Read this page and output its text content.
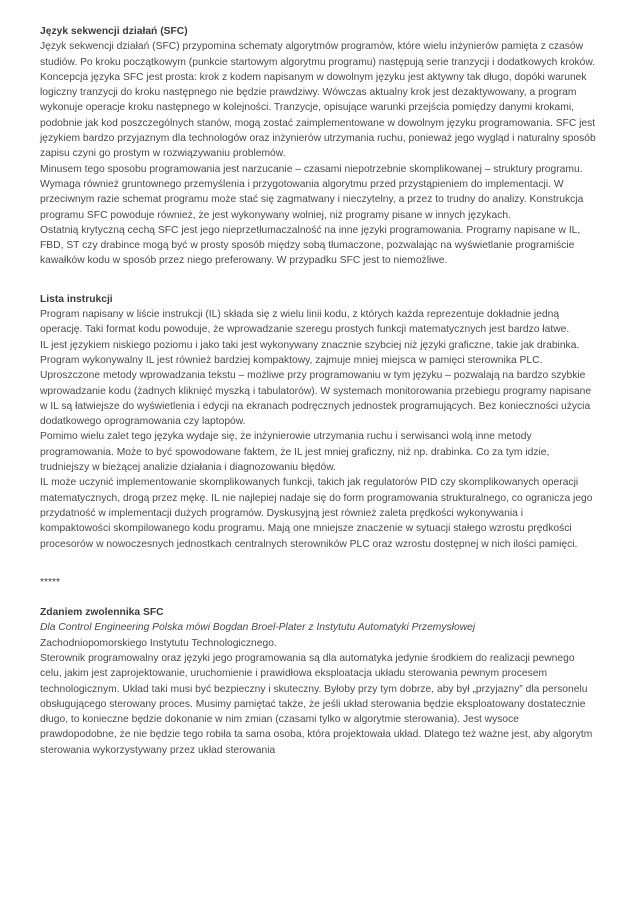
Język sekwencji działań (SFC)

Język sekwencji działań (SFC) przypomina schematy algorytmów programów, które wielu inżynierów pamięta z czasów studiów. Po kroku początkowym (punkcie startowym algorytmu programu) następują serie tranzycji i dodatkowych kroków. Koncepcja języka SFC jest prosta: krok z kodem napisanym w dowolnym języku jest aktywny tak długo, dopóki warunek logiczny tranzycji do kroku następnego nie będzie prawdziwy. Wówczas aktualny krok jest dezaktywowany, a program wykonuje operacje kroku następnego w kolejności. Tranzycje, opisujące warunki przejścia pomiędzy danymi krokami, podobnie jak kod poszczególnych stanów, mogą zostać zaimplementowane w dowolnym języku programowania. SFC jest językiem bardzo przyjaznym dla technologów oraz inżynierów utrzymania ruchu, ponieważ jego wygląd i naturalny sposób zapisu czyni go prostym w rozwiązywaniu problemów.

Minusem tego sposobu programowania jest narzucanie – czasami niepotrzebnie skomplikowanej – struktury programu. Wymaga również gruntownego przemyślenia i przygotowania algorytmu przed przystąpieniem do implementacji. W przeciwnym razie schemat programu może stać się zagmatwany i nieczytelny, a przez to trudny do analizy. Konstrukcja programu SFC powoduje również, że jest wykonywany wolniej, niż programy pisane w innych językach.

Ostatnią krytyczną cechą SFC jest jego nieprzetłumaczalność na inne języki programowania. Programy napisane w IL, FBD, ST czy drabince mogą być w prosty sposób między sobą tłumaczone, pozwalając na wyświetlanie programiście kawałków kodu w sposób przez niego preferowany. W przypadku SFC jest to niemożliwe.

Lista instrukcji

Program napisany w liście instrukcji (IL) składa się z wielu linii kodu, z których każda reprezentuje dokładnie jedną operację. Taki format kodu powoduje, że wprowadzanie szeregu prostych funkcji matematycznych jest bardzo łatwe.

IL jest językiem niskiego poziomu i jako taki jest wykonywany znacznie szybciej niż języki graficzne, takie jak drabinka. Program wykonywalny IL jest również bardziej kompaktowy, zajmuje mniej miejsca w pamięci sterownika PLC. Uproszczone metody wprowadzania tekstu – możliwe przy programowaniu w tym języku – pozwalają na bardzo szybkie wprowadzanie kodu (żadnych kliknięć myszką i tabulatorów). W systemach monitorowania przebiegu programy napisane w IL są łatwiejsze do wyświetlenia i edycji na ekranach podręcznych jednostek programujących. Bez konieczności użycia dodatkowego oprogramowania czy laptopów.

Pomimo wielu zalet tego języka wydaje się, że inżynierowie utrzymania ruchu i serwisanci wolą inne metody programowania. Może to być spowodowane faktem, że IL jest mniej graficzny, niż np. drabinka. Co za tym idzie, trudniejszy w bieżącej analizie działania i diagnozowaniu błędów.

IL może uczynić implementowanie skomplikowanych funkcji, takich jak regulatorów PID czy skomplikowanych operacji matematycznych, drogą przez mękę. IL nie najlepiej nadaje się do form programowania strukturalnego, co ogranicza jego przydatność w implementacji dużych programów. Dyskusyjną jest również zaleta prędkości wykonywania i kompaktowości skompilowanego kodu programu. Mają one mniejsze znaczenie w sytuacji stałego wzrostu prędkości procesorów w nowoczesnych jednostkach centralnych sterowników PLC oraz wzrostu dostępnej w nich ilości pamięci.

*****

Zdaniem zwolennika SFC

Dla Control Engineering Polska mówi Bogdan Broel-Plater z Instytutu Automatyki Przemysłowej

Zachodniopomorskiego Instytutu Technologicznego.

Sterownik programowalny oraz języki jego programowania są dla automatyka jedynie środkiem do realizacji pewnego celu, jakim jest zaprojektowanie, uruchomienie i prawidłowa eksploatacja układu sterowania pewnym procesem technologicznym. Układ taki musi być bezpieczny i skuteczny. Byłoby przy tym dobrze, aby był „przyjazny” dla personelu obsługującego sterowany proces. Musimy pamiętać także, że jeśli układ sterowania będzie eksploatowany dostatecznie długo, to konieczne będzie dokonanie w nim zmian (czasami tylko w algorytmie sterowania). Jest wysoce prawdopodobne, że nie będzie tego robiła ta sama osoba, która projektowała układ. Dlatego też ważne jest, aby algorytm sterowania wykorzystywany przez układ sterowania
